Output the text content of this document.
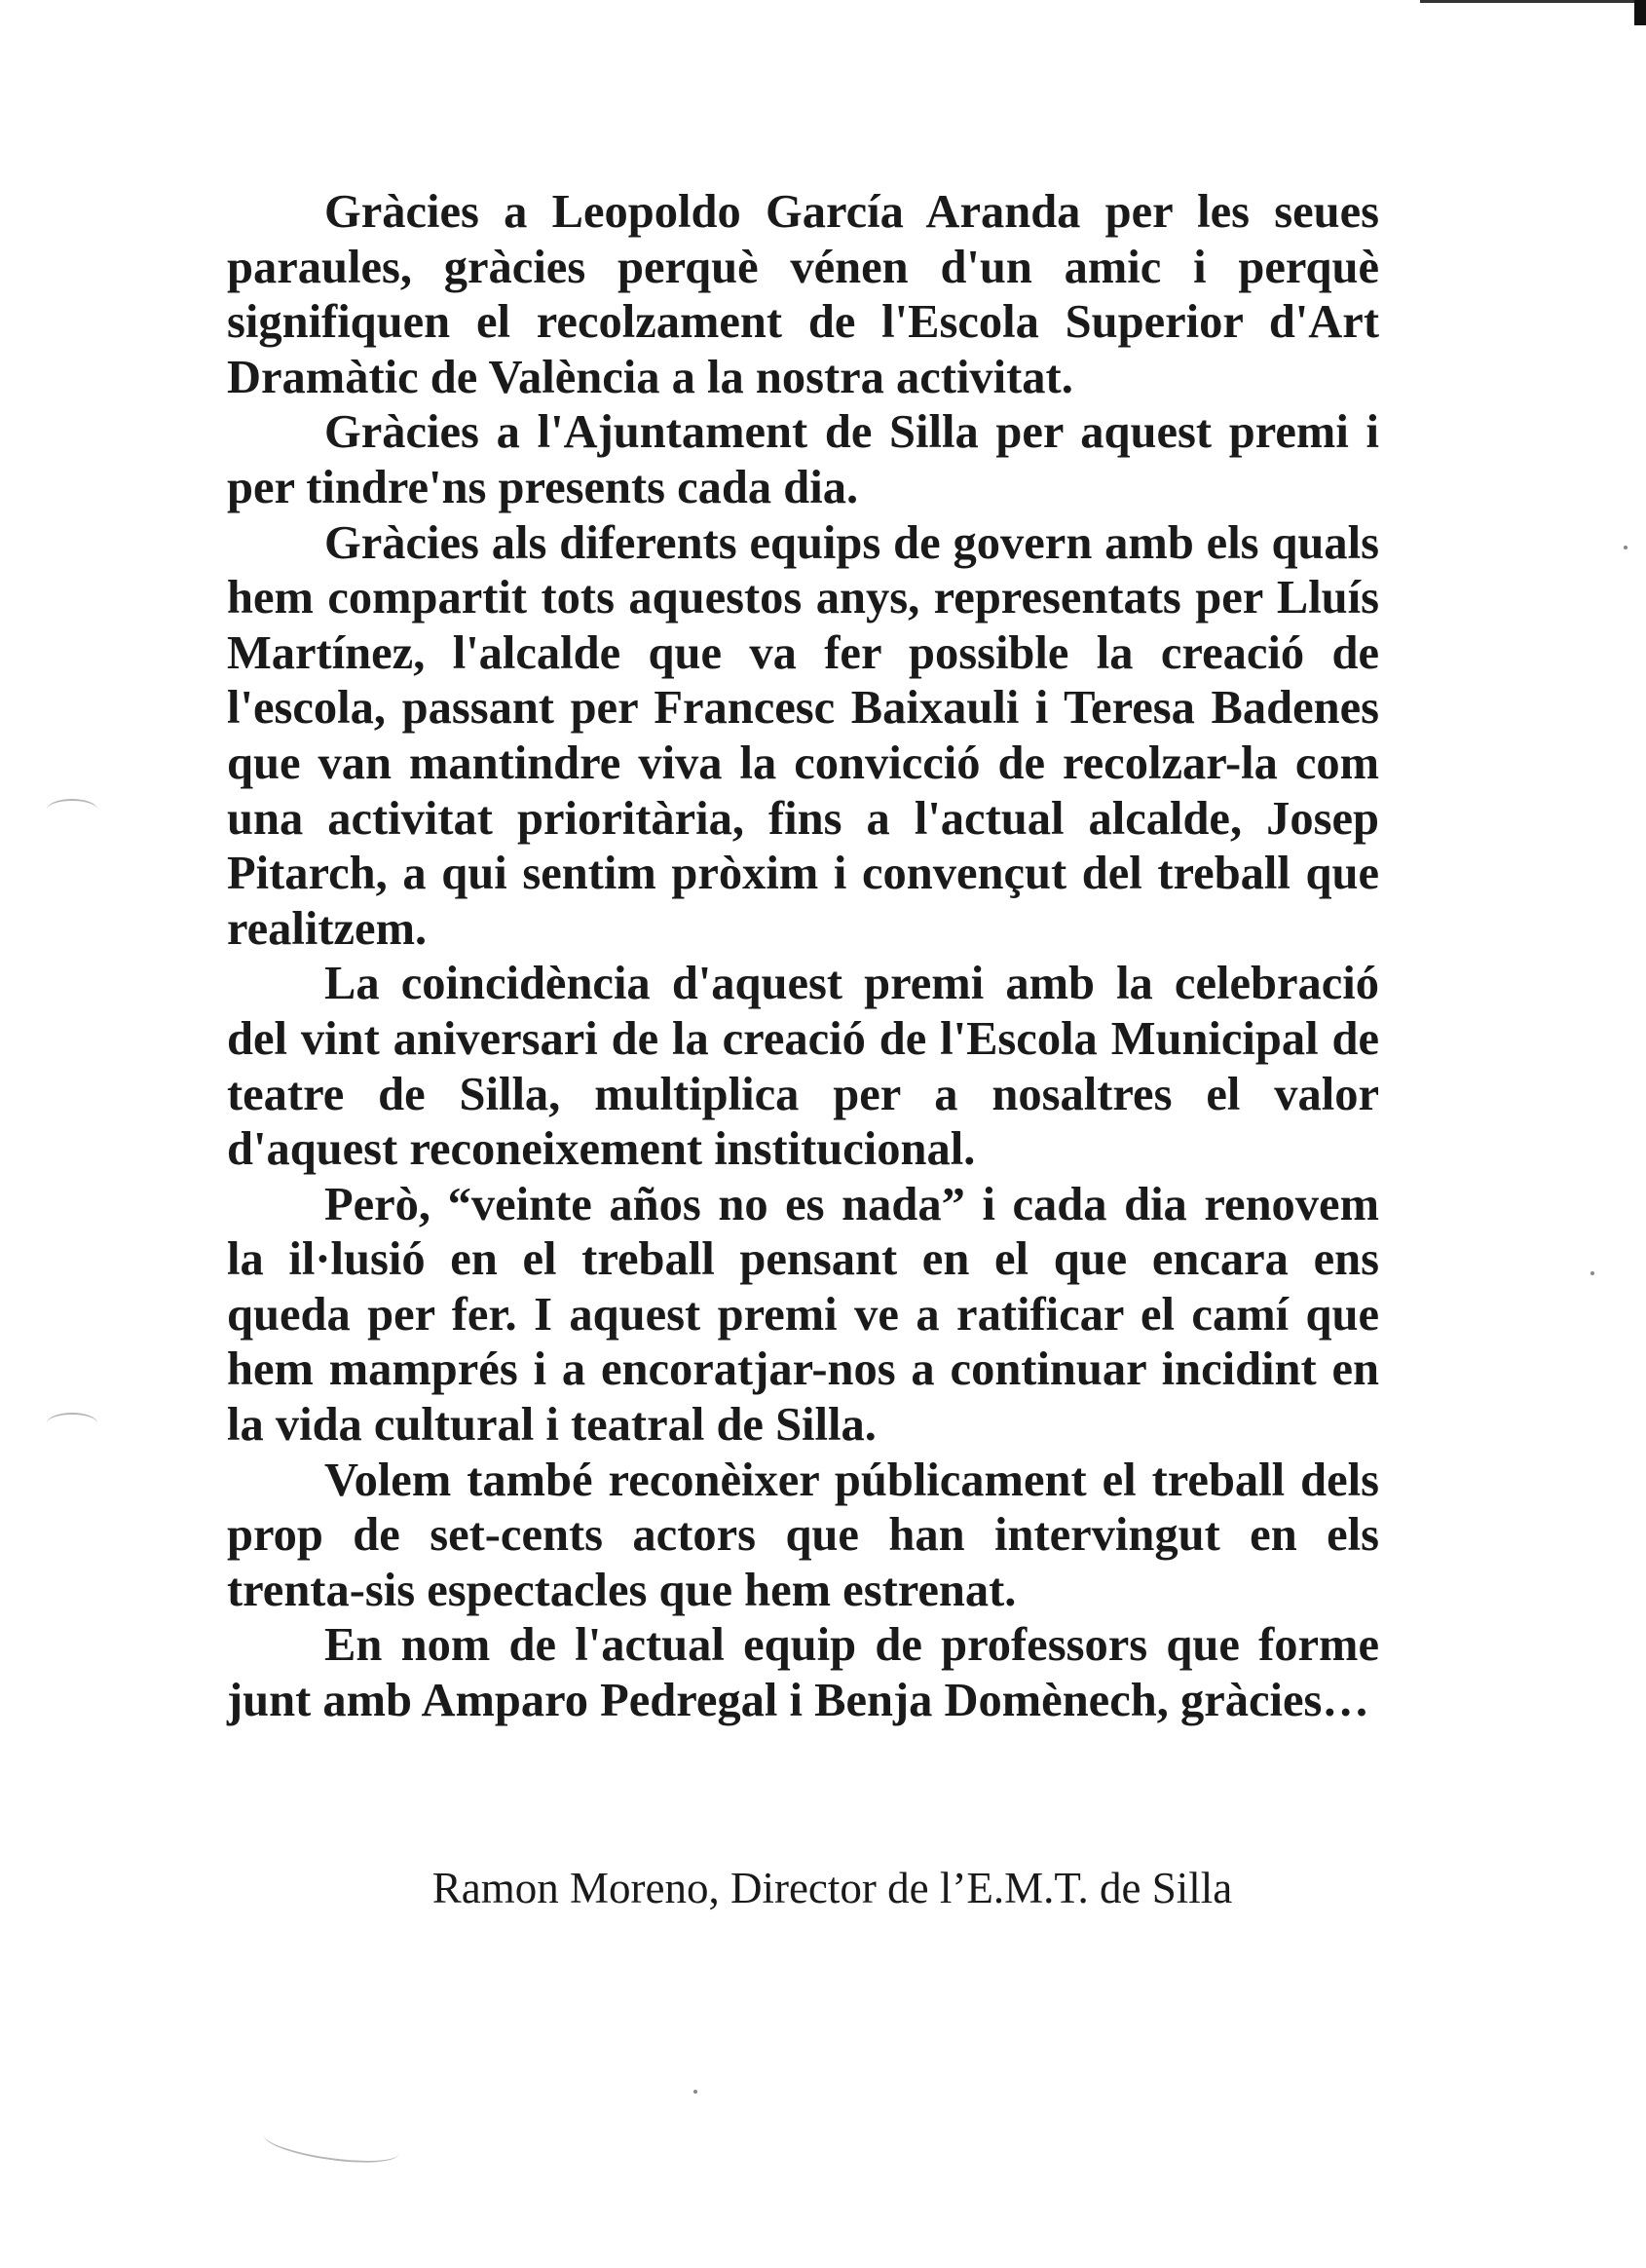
Gràcies a Leopoldo García Aranda per les seues paraules, gràcies perquè vénen d'un amic i perquè signifiquen el recolzament de l'Escola Superior d'Art Dramàtic de València a la nostra activitat.

Gràcies a l'Ajuntament de Silla per aquest premi i per tindre'ns presents cada dia.

Gràcies als diferents equips de govern amb els quals hem compartit tots aquestos anys, representats per Lluís Martínez, l'alcalde que va fer possible la creació de l'escola, passant per Francesc Baixauli i Teresa Badenes que van mantindre viva la convicció de recolzar-la com una activitat prioritària, fins a l'actual alcalde, Josep Pitarch, a qui sentim pròxim i convençut del treball que realitzem.

La coincidència d'aquest premi amb la celebració del vint aniversari de la creació de l'Escola Municipal de teatre de Silla, multiplica per a nosaltres el valor d'aquest reconeixement institucional.

Però, “veinte años no es nada” i cada dia renovem la il·lusió en el treball pensant en el que encara ens queda per fer. I aquest premi ve a ratificar el camí que hem mamprés i a encoratjar-nos a continuar incidint en la vida cultural i teatral de Silla.

Volem també reconèixer públicament el treball dels prop de set-cents actors que han intervingut en els trenta-sis espectacles que hem estrenat.

En nom de l'actual equip de professors que forme junt amb Amparo Pedregal i Benja Domènech, gràcies…

Ramon Moreno, Director de l’E.M.T. de Silla
